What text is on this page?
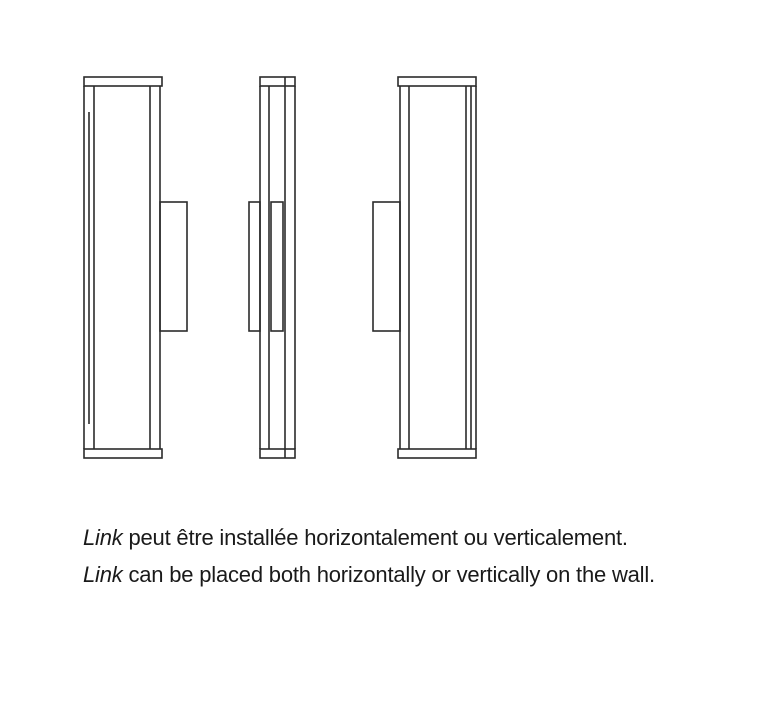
Link peut être installée horizontalement ou verticalement.
Link can be placed both horizontally or vertically on the wall.
